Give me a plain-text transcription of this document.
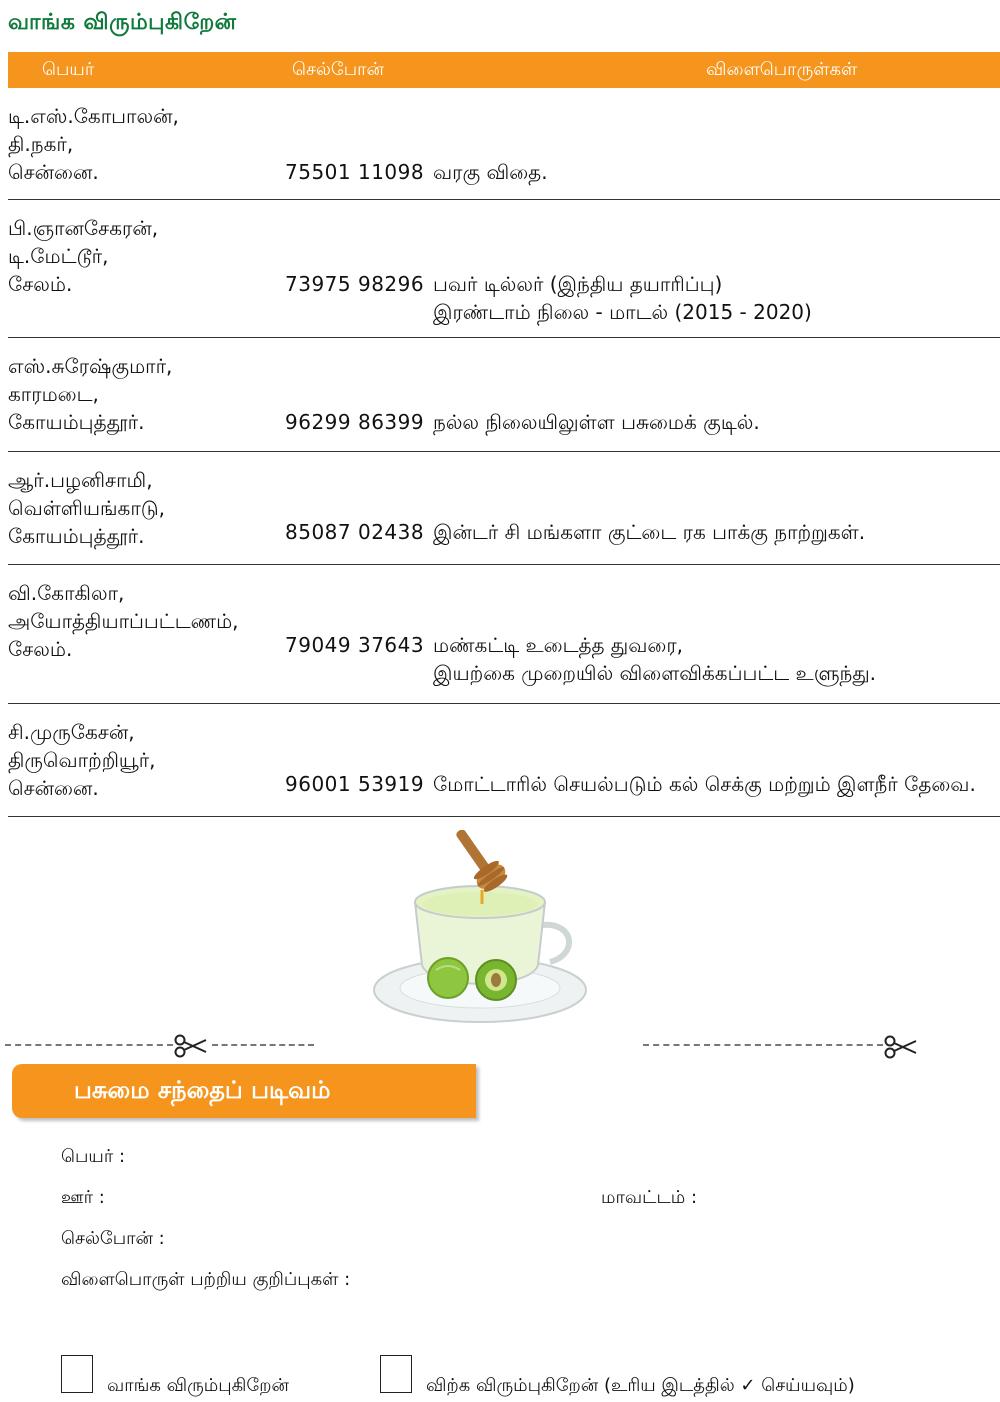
வாங்க விரும்புகிறேன்
பெயர்	செல்போன்	விளைபொருள்கள்
டி.எஸ்.கோபாலன்,
தி.நகர்,
சென்னை.	75501 11098 வரகு விதை.
பி.ஞானசேகரன்,
டி.மேட்டூர்,
சேலம்.	73975 98296 பவர் டில்லர் (இந்திய தயாரிப்பு)
இரண்டாம் நிலை - மாடல் (2015 - 2020)
எஸ்.சுரேஷ்குமார்,
காரமடை,
கோயம்புத்தூர்.	96299 86399 நல்ல நிலையிலுள்ள பசுமைக் குடில்.
ஆர்.பழனிசாமி,
வெள்ளியங்காடு,
கோயம்புத்தூர்.	85087 02438 இன்டர் சி மங்களா குட்டை ரக பாக்கு நாற்றுகள்.
வி.கோகிலா,
அயோத்தியாப்பட்டணம்,
சேலம்.	79049 37643 மண்கட்டி உடைத்த துவரை,
இயற்கை முறையில் விளைவிக்கப்பட்ட உளுந்து.
சி.முருகேசன்,
திருவொற்றியூர்,
சென்னை.	96001 53919 மோட்டாரில் செயல்படும் கல் செக்கு மற்றும் இளநீர் தேவை.
பசுமை சந்தைப் படிவம்
பெயர் :
ஊர் :	மாவட்டம் :
செல்போன் :
விளைபொருள் பற்றிய குறிப்புகள் :
வாங்க விரும்புகிறேன்	விற்க விரும்புகிறேன் (உரிய இடத்தில் ✓ செய்யவும்)
